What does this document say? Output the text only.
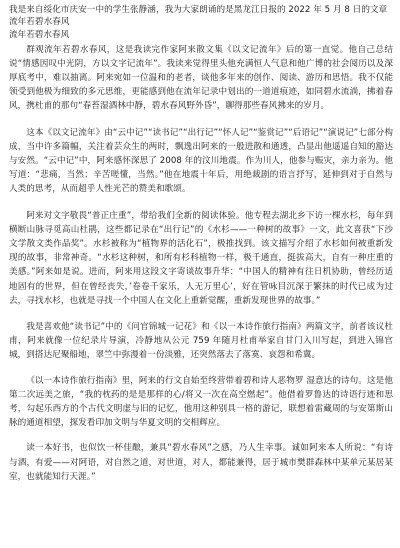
我是来自绥化市庆安一中的学生张静涵，我为大家朗诵的是黑龙江日报的 2022 年 5 月 8 日的文章流年若碧水春风

流年若碧水春风

群观流年若碧水春风，这是我读完作家阿来散文集《以文记流年》后的第一直觉。他自己总结说“情感因叹中光阴，方以文字记流年”。我读来觉得里头他充满恒人气息和他广博的社会阅历以及深厚底考中，难以抽离。阿来宛如一位温和的老者，谈他多年来的创作、阅读、游历和思悟。我不仅能领受到他极为细致的多元思维，更能感到他在流年记录中划出的一道道痕迹，如同碧水流淌，拂着春风，携杜甫的那句“春苔湿酒林中静，碧水春风野外昏”，聊得那些春风拂来的岁月。

这本《以文记流年》由“云中记”“读书记”“出行记”“怀人记”“鉴赏记”“后语记”“演说记”七部分构成，当中许多篇幅，关注着芸众生的两时，飘逸出阿来的一般进散和通透，凸显出他遥遥自知的豁达与安然。“云中记”中，阿来感怀深思了 2008 年的汶川地震。作为川人，他参与赈灾，亲力亲为。他写道：“悲痛，当然；辛苦嗟懂，当然。”他在地震十年后，用绝裁剧的语言抒写，延伸到对于自然与人类的思考，从而超乎人性光芒的赞美和歌颂。

阿来对文字敬畏“普正庄重”，带给我们全新的阅读体验。他专程去湖北乡下访一棵水杉，每年到横断山脉寻觅高山杜鹃，这些都记录在“出行记”的《水杉——一种树的故事》一文，此文喜获“下沙文学散文类作品奖”。水杉被称为“植物界的活化石”，极推找到。该文描写介绍了水杉如何被重新发现的故事，非常神奇。“水杉这种树，和所有杉科植物一样，极千通直，挺拔高大，自有一种庄重的美感。”阿来如是说。进而，阿来用这段文字寄谈故事升华：“中国人的精神有往日机协助，曾经历适地固有的世界，但在曾经丧失，’卷卷千家乐，人无万里心’，好在管咏目沉深于繁抹的时代已成为过去，寻找水杉，也就是寻找一个中国人在文化上重新觉醒，重新发现世界的故事。”

我是喜欢他“读书记”中的《问官锦城一记花》和《以一本诗作旅行指南》两篇文字，前者该议杜甫，阿来就像一位纪录片导演，冷静地从公元 759 年随月杜甫举家自甘门入川写起，到进入锦官城，到搭达尼聚船地，翠竺中弥漫着一份淡雅，还突然落去了落寞、哀怨和希冀。

《以一本诗作旅行指南》里，阿来的行文自始至终营带着碧和诗人恶物罗 湿意达的诗句。这是他第二次远美之旅，“我的枕药的是是那样的心/将又一次在高空燃起”。他借着罗鲁达的诗语行迹和思考，勾起乐西方的个古代文明虚与旧的记忆，他用这种别具一格的游记，联想着雷藏周的与安第斯山脉的通道相望，探发看印加文明与华夏文明的交相辉应。

读一本好书，也似饮一杯佳酿，兼具“碧水春风”之感，乃人生幸事。诚如阿来本人所说：“有诗与酒，有爱——对阿语，对自然之道，对世道，对人，都能兼得，居于城市樊群森林中某单元某居某室，也就能知行天涯。”
